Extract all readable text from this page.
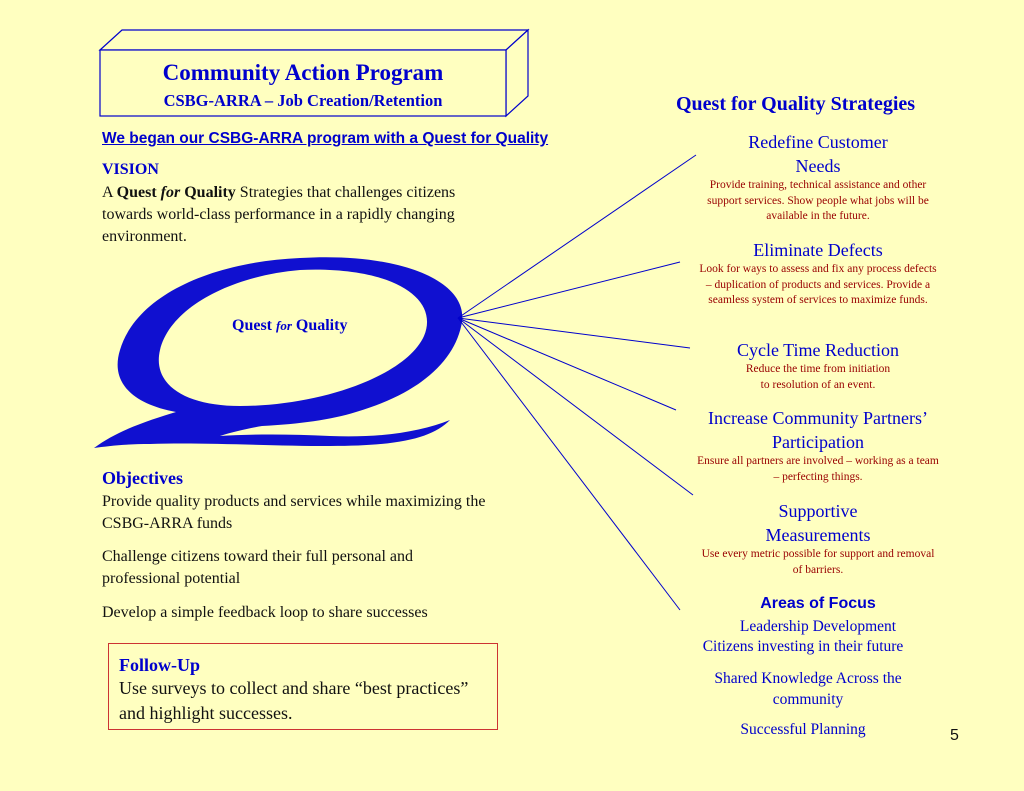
Community Action Program
CSBG-ARRA – Job Creation/Retention
We began our CSBG-ARRA program with a Quest for Quality
VISION
A Quest for Quality Strategies that challenges citizens towards world-class performance in a rapidly changing environment.
Quest for Quality
Objectives
Provide quality products and services while maximizing the CSBG-ARRA funds
Challenge citizens toward their full personal and professional potential
Develop a simple feedback loop to share successes
Follow-Up
Use surveys to collect and share “best practices” and highlight successes.
Quest for Quality Strategies
Redefine Customer Needs
Provide training, technical assistance and other support services. Show people what jobs will be available in the future.
Eliminate Defects
Look for ways to assess and fix any process defects – duplication of products and services. Provide a seamless system of services to maximize funds.
Cycle Time Reduction
Reduce the time from initiation to resolution of an event.
Increase Community Partners’ Participation
Ensure all partners are involved – working as a team – perfecting things.
Supportive Measurements
Use every metric possible for support and removal of barriers.
Areas of Focus
Leadership Development
Citizens investing in their future
Shared Knowledge Across the community
Successful Planning	5
